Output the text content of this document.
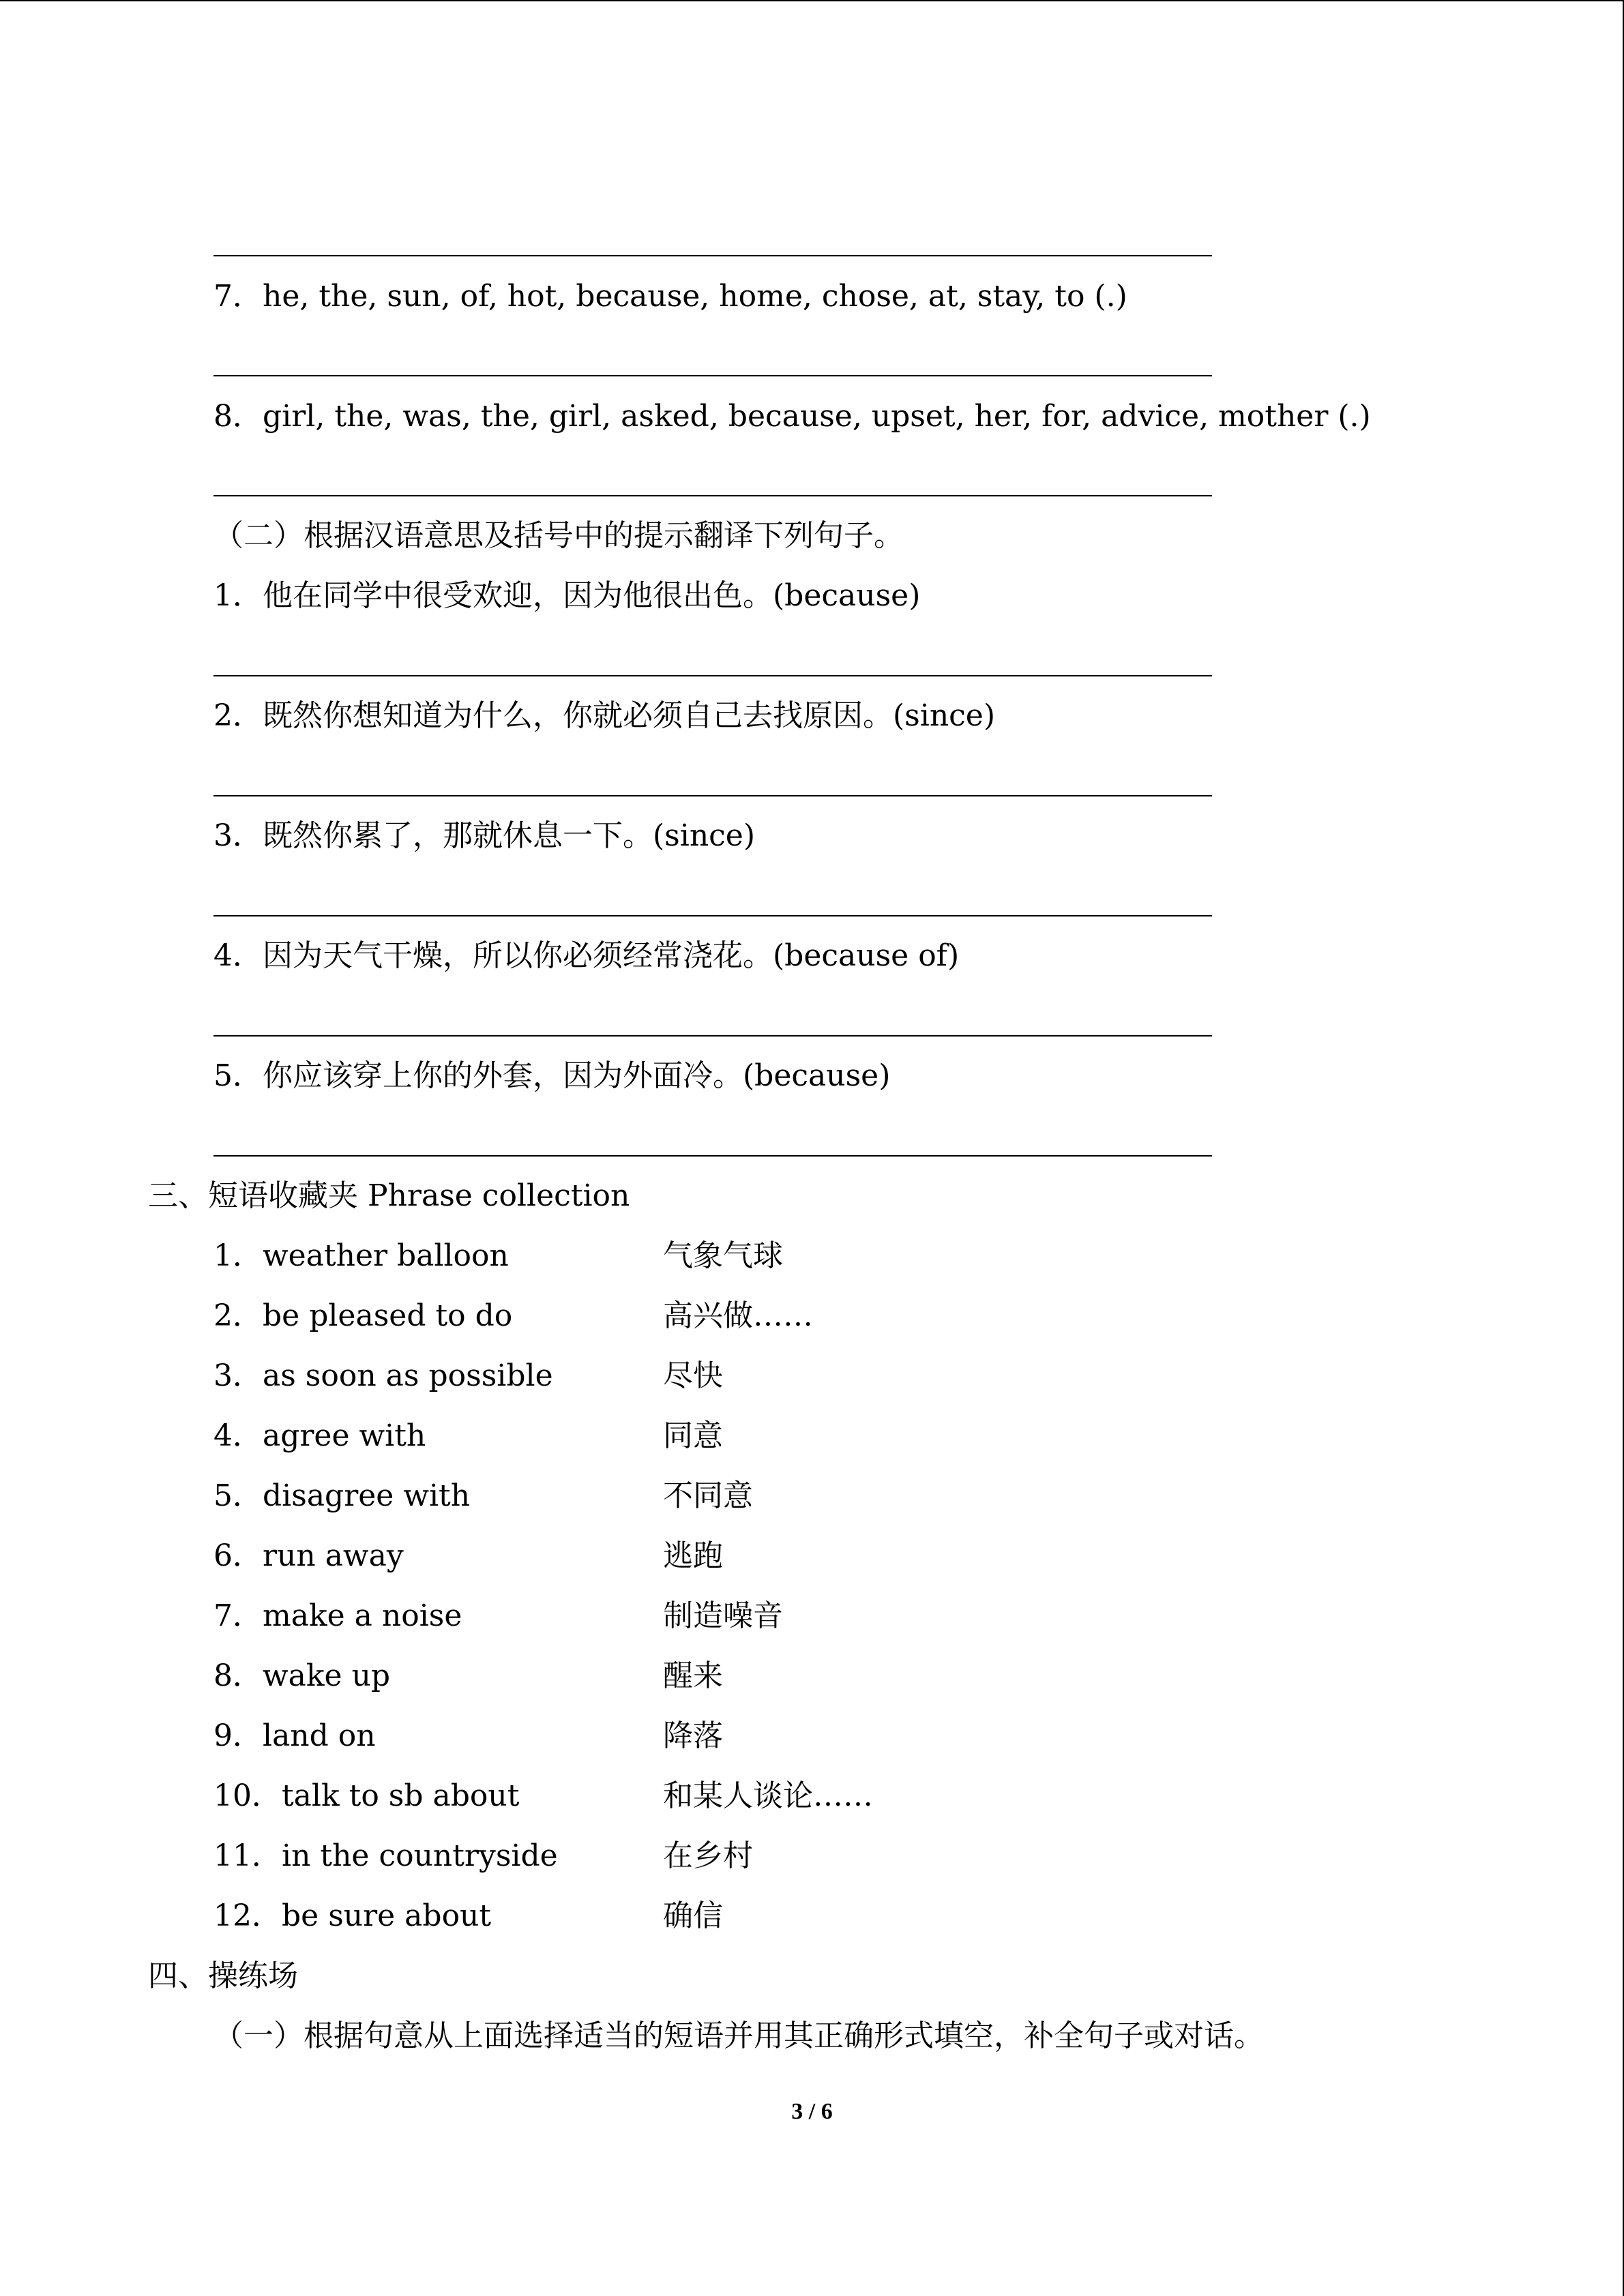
7．he, the, sun, of, hot, because, home, chose, at, stay, to (.)
8．girl, the, was, the, girl, asked, because, upset, her, for, advice, mother (.)
（二）根据汉语意思及括号中的提示翻译下列句子。
1．他在同学中很受欢迎，因为他很出色。(because)
2．既然你想知道为什么，你就必须自己去找原因。(since)
3．既然你累了，那就休息一下。(since)
4．因为天气干燥，所以你必须经常浇花。(because of)
5．你应该穿上你的外套，因为外面冷。(because)
三、短语收藏夹 Phrase collection
1．weather balloon	气象气球
2．be pleased to do	高兴做……
3．as soon as possible	尽快
4．agree with	同意
5．disagree with	不同意
6．run away	逃跑
7．make a noise	制造噪音
8．wake up	醒来
9．land on	降落
10．talk to sb about	和某人谈论……
11．in the countryside	在乡村
12．be sure about	确信
四、操练场
（一）根据句意从上面选择适当的短语并用其正确形式填空，补全句子或对话。
3 / 6
